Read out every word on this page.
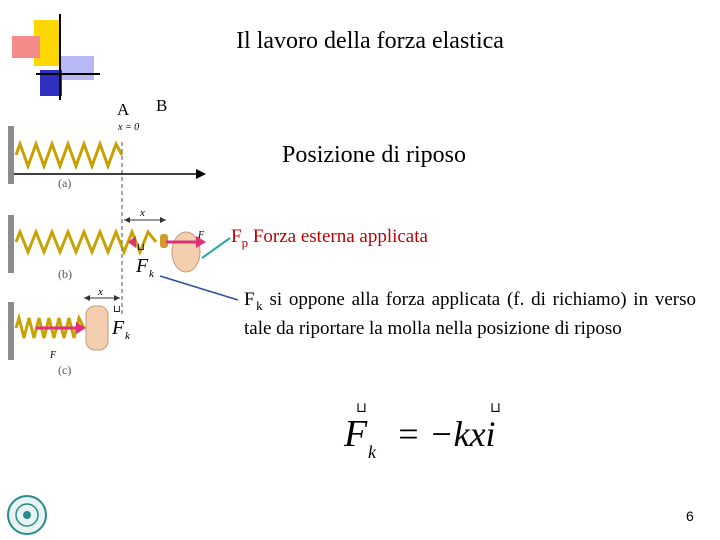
Il lavoro della forza elastica
A B
x = 0
(a)
(b)
(c)
x
x
F
F k
⊔
F k
⊔
F
Posizione di riposo
$F_p$ Forza esterna applicata
F  $_k$ si oppone alla forza applicata (f. di richiamo) in verso tale da riportare la molla nella posizione di riposo
⊔
F k = −kxi
⊔
6
